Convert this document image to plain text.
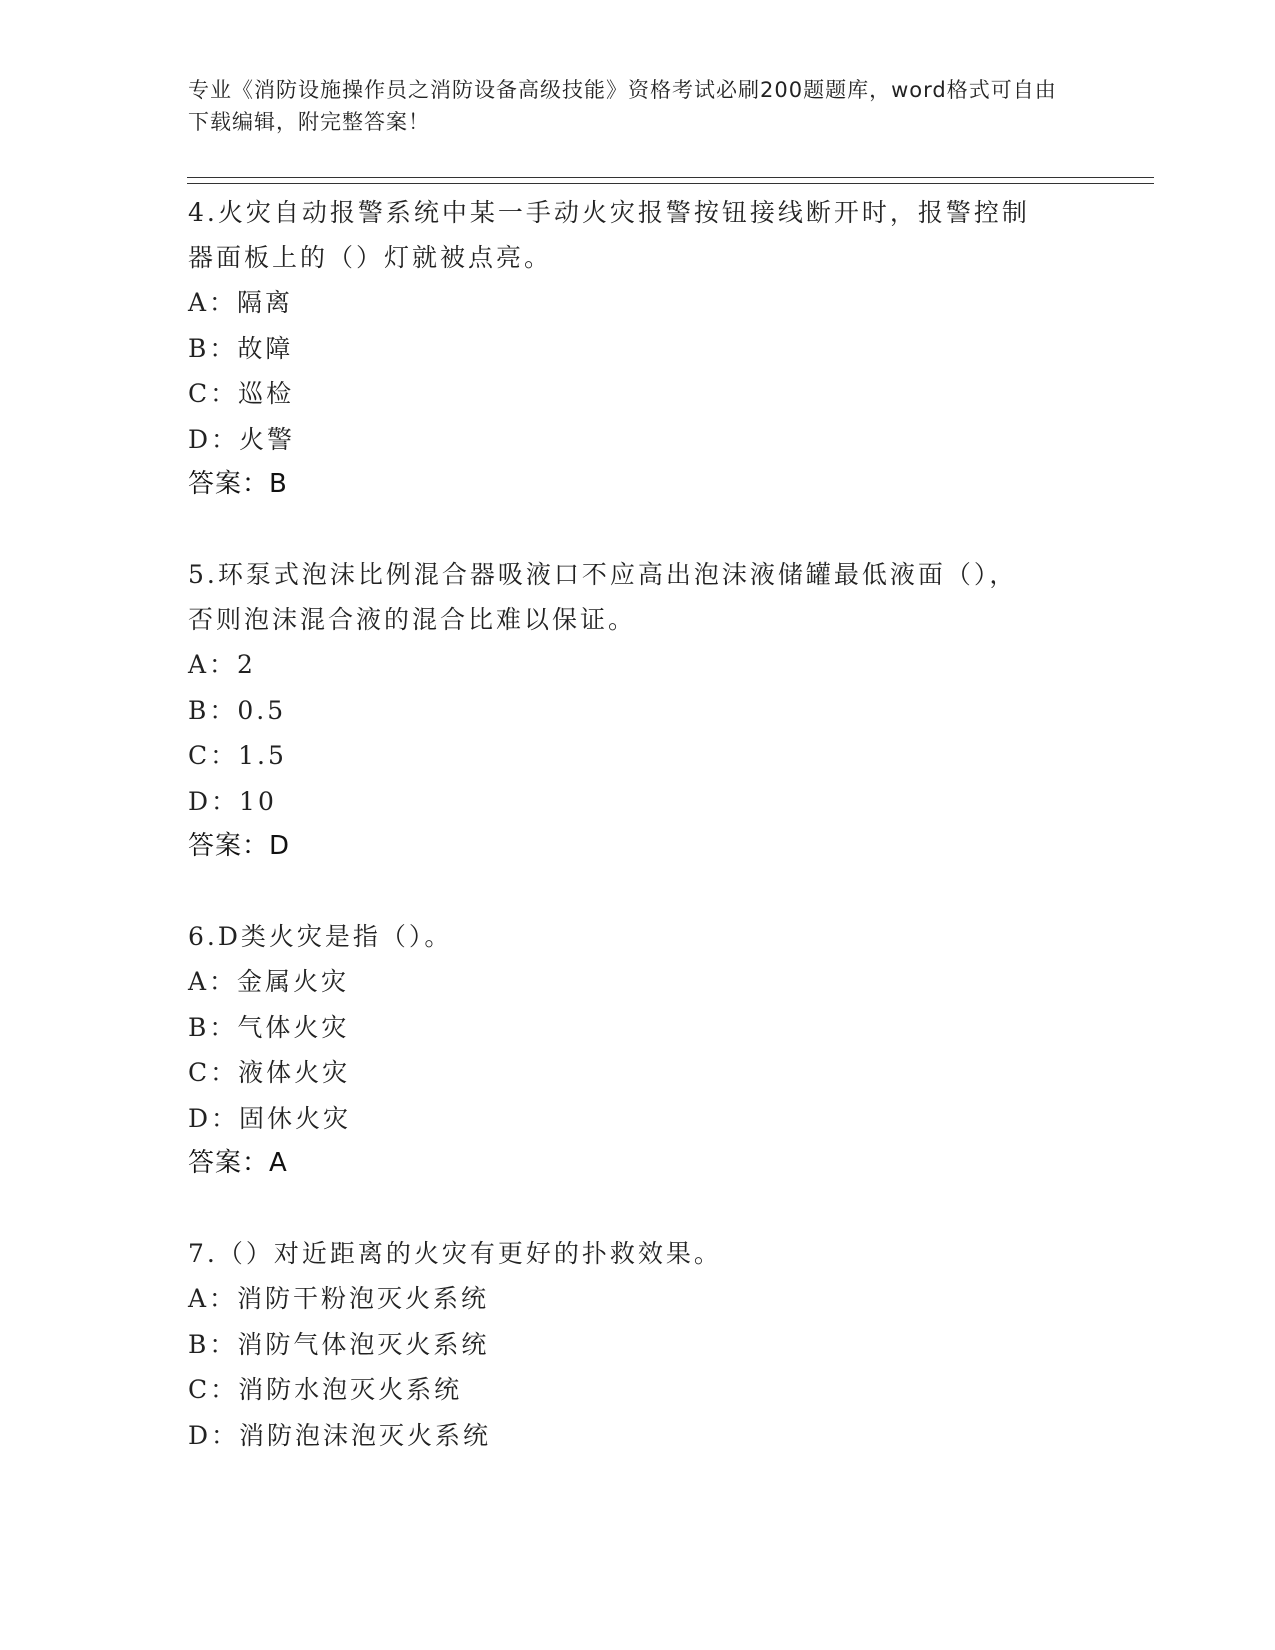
专业《消防设施操作员之消防设备高级技能》资格考试必刷200题题库，word格式可自由下载编辑，附完整答案！

4.火灾自动报警系统中某一手动火灾报警按钮接线断开时，报警控制

器面板上的（）灯就被点亮。

A：隔离

B：故障

C：巡检

D：火警

答案：B

5.环泵式泡沫比例混合器吸液口不应高出泡沫液储罐最低液面（），

否则泡沫混合液的混合比难以保证。

A：2

B：0.5

C：1.5

D：10

答案：D

6.D类火灾是指（）。

A：金属火灾

B：气体火灾

C：液体火灾

D：固休火灾

答案：A

7.（）对近距离的火灾有更好的扑救效果。

A：消防干粉泡灭火系统

B：消防气体泡灭火系统

C：消防水泡灭火系统

D：消防泡沫泡灭火系统
